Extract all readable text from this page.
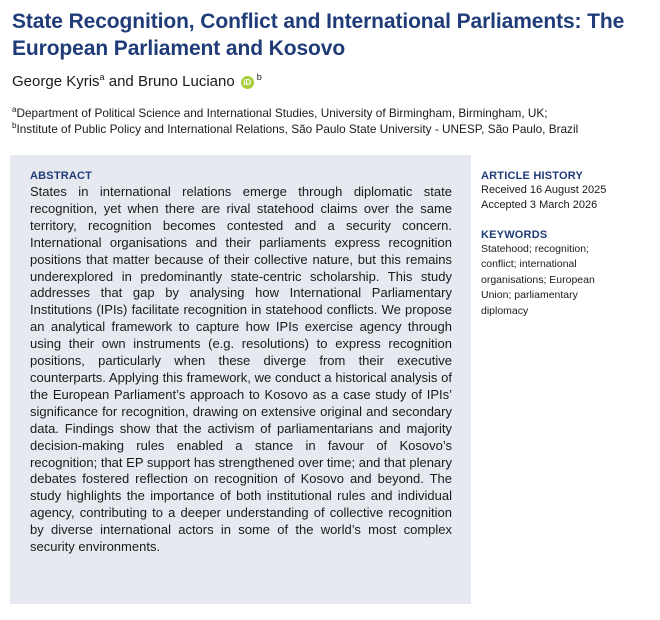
State Recognition, Conflict and International Parliaments: The European Parliament and Kosovo
George Kyris$^a$ and Bruno Luciano $iD^b$
$^a$Department of Political Science and International Studies, University of Birmingham, Birmingham, UK;
$^b$Institute of Public Policy and International Relations, São Paulo State University - UNESP, São Paulo, Brazil
ABSTRACT

States in international relations emerge through diplomatic state recognition, yet when there are rival statehood claims over the same territory, recognition becomes contested and a security concern. International organisations and their parliaments express recognition positions that matter because of their collective nature, but this remains underexplored in predominantly state-centric scholarship. This study addresses that gap by analysing how International Parliamentary Institutions (IPIs) facilitate recognition in statehood conflicts. We propose an analytical framework to capture how IPIs exercise agency through using their own instruments (e.g. resolutions) to express recognition positions, particularly when these diverge from their executive counterparts. Applying this framework, we conduct a historical analysis of the European Parliament’s approach to Kosovo as a case study of IPIs’ significance for recognition, drawing on extensive original and secondary data. Findings show that the activism of parliamentarians and majority decision-making rules enabled a stance in favour of Kosovo’s recognition; that EP support has strengthened over time; and that plenary debates fostered reflection on recognition of Kosovo and beyond. The study highlights the importance of both institutional rules and individual agency, contributing to a deeper understanding of collective recognition by diverse international actors in some of the world’s most complex security environments.

ARTICLE HISTORY
Received 16 August 2025
Accepted 3 March 2026
KEYWORDS
Statehood; recognition; conflict; international organisations; European Union; parliamentary diplomacy
